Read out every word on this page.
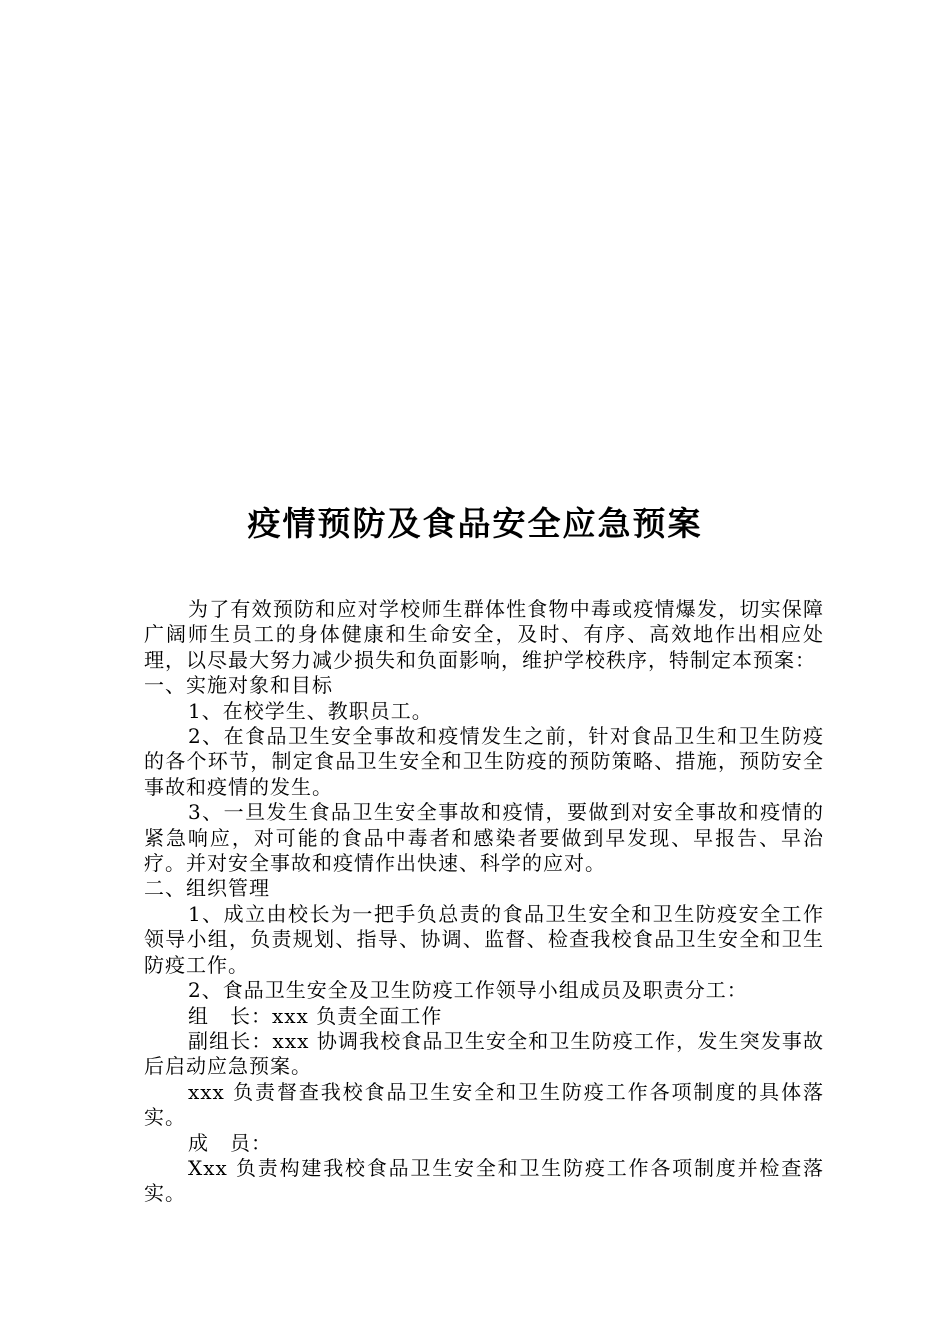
疫情预防及食品安全应急预案

为了有效预防和应对学校师生群体性食物中毒或疫情爆发，切实保障广阔师生员工的身体健康和生命安全，及时、有序、高效地作出相应处理，以尽最大努力减少损失和负面影响，维护学校秩序，特制定本预案：

一、实施对象和目标

1、在校学生、教职员工。

2、在食品卫生安全事故和疫情发生之前，针对食品卫生和卫生防疫的各个环节，制定食品卫生安全和卫生防疫的预防策略、措施，预防安全事故和疫情的发生。

3、一旦发生食品卫生安全事故和疫情，要做到对安全事故和疫情的紧急响应，对可能的食品中毒者和感染者要做到早发现、早报告、早治疗。并对安全事故和疫情作出快速、科学的应对。

二、组织管理

1、成立由校长为一把手负总责的食品卫生安全和卫生防疫安全工作领导小组，负责规划、指导、协调、监督、检查我校食品卫生安全和卫生防疫工作。

2、食品卫生安全及卫生防疫工作领导小组成员及职责分工：

组　长：xxx 负责全面工作

副组长：xxx 协调我校食品卫生安全和卫生防疫工作，发生突发事故后启动应急预案。

xxx 负责督查我校食品卫生安全和卫生防疫工作各项制度的具体落实。

成　员：

Xxx 负责构建我校食品卫生安全和卫生防疫工作各项制度并检查落实。
